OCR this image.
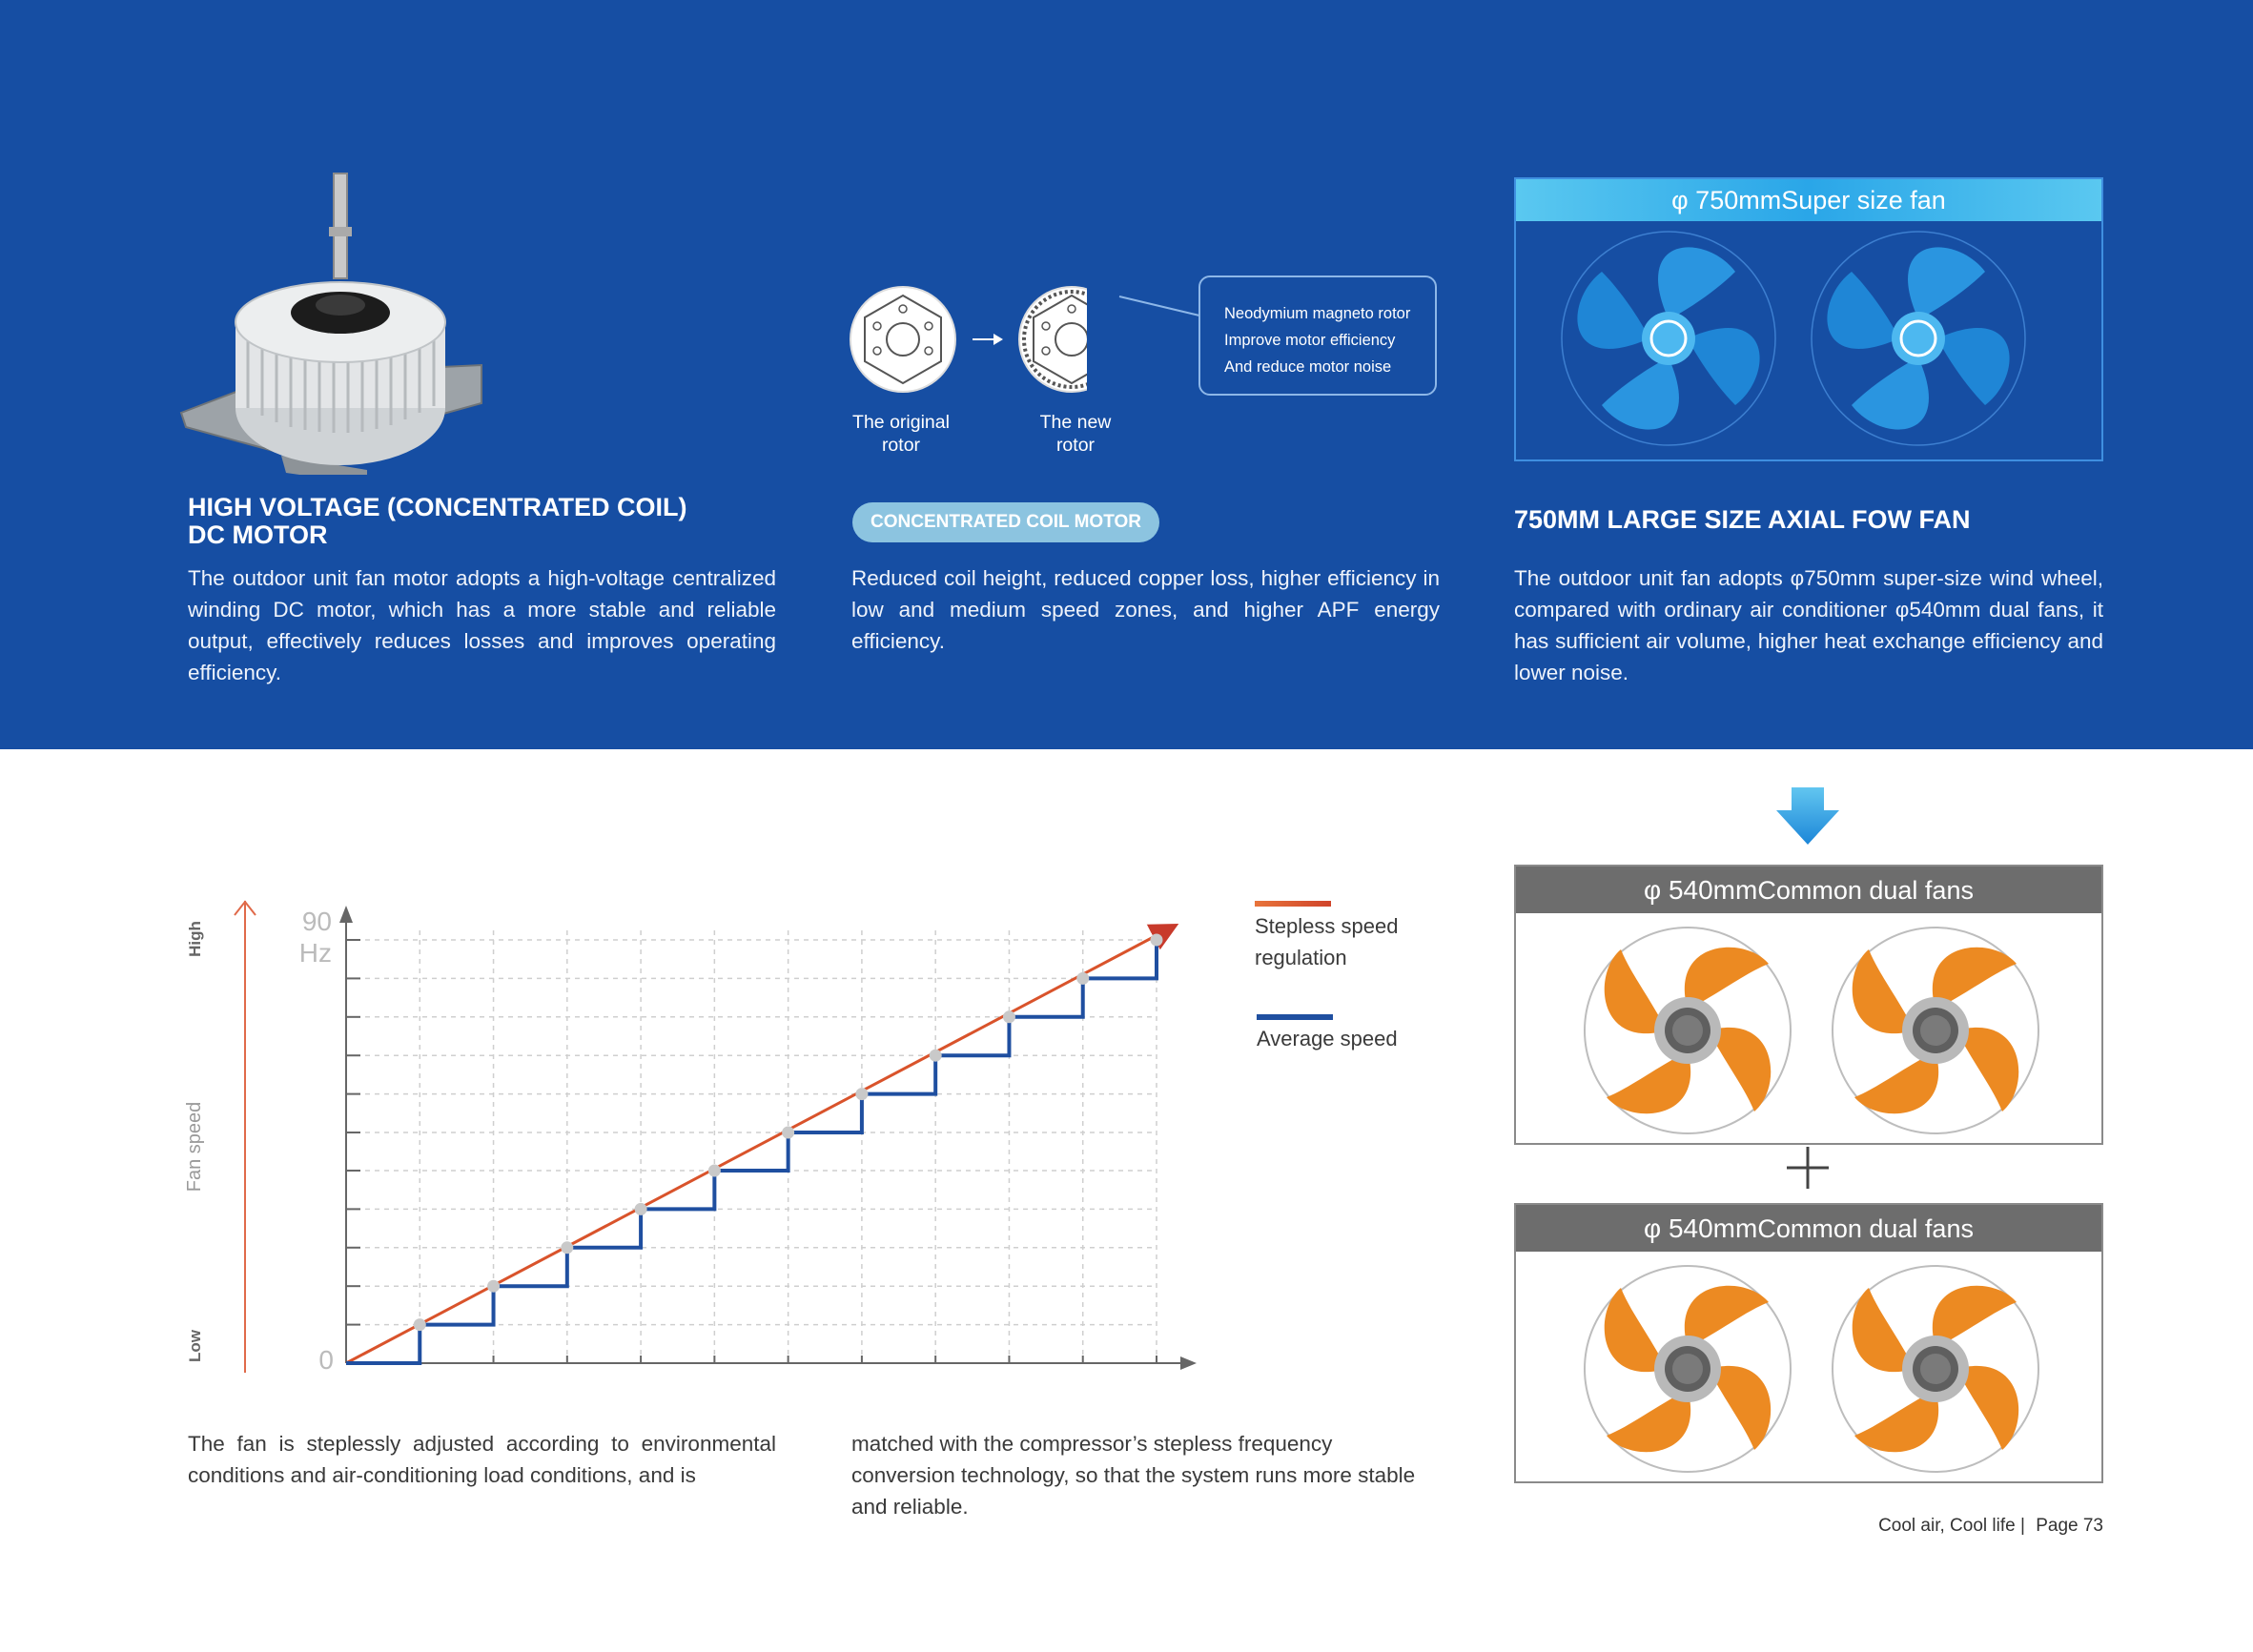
HIGH VOLTAGE (CONCENTRATED COIL)
DC MOTOR
The outdoor unit fan motor adopts a high-voltage centralized winding DC motor, which has a more stable and reliable output, effectively reduces losses and improves operating efficiency.
Neodymium magneto rotor
Improve motor efficiency
And reduce motor noise
The original
rotor
The new
rotor
CONCENTRATED COIL MOTOR
Reduced coil height, reduced copper loss, higher efficiency in low and medium speed zones, and higher APF energy efficiency.
φ 750mmSuper size fan
750MM LARGE SIZE AXIAL FOW FAN
The outdoor unit fan adopts φ750mm super-size wind wheel, compared with ordinary air conditioner φ540mm dual fans, it has sufficient air volume, higher heat exchange efficiency and lower noise.
φ 540mmCommon dual fans
φ 540mmCommon dual fans
High
Low
Fan speed
90
Hz
0
Stepless speed regulation
Average speed
The fan is steplessly adjusted according to environmental conditions and air-conditioning load conditions, and is
matched with the compressor’s stepless frequency conversion technology, so that the system runs more stable and reliable.
Cool air, Cool life | Page 73
